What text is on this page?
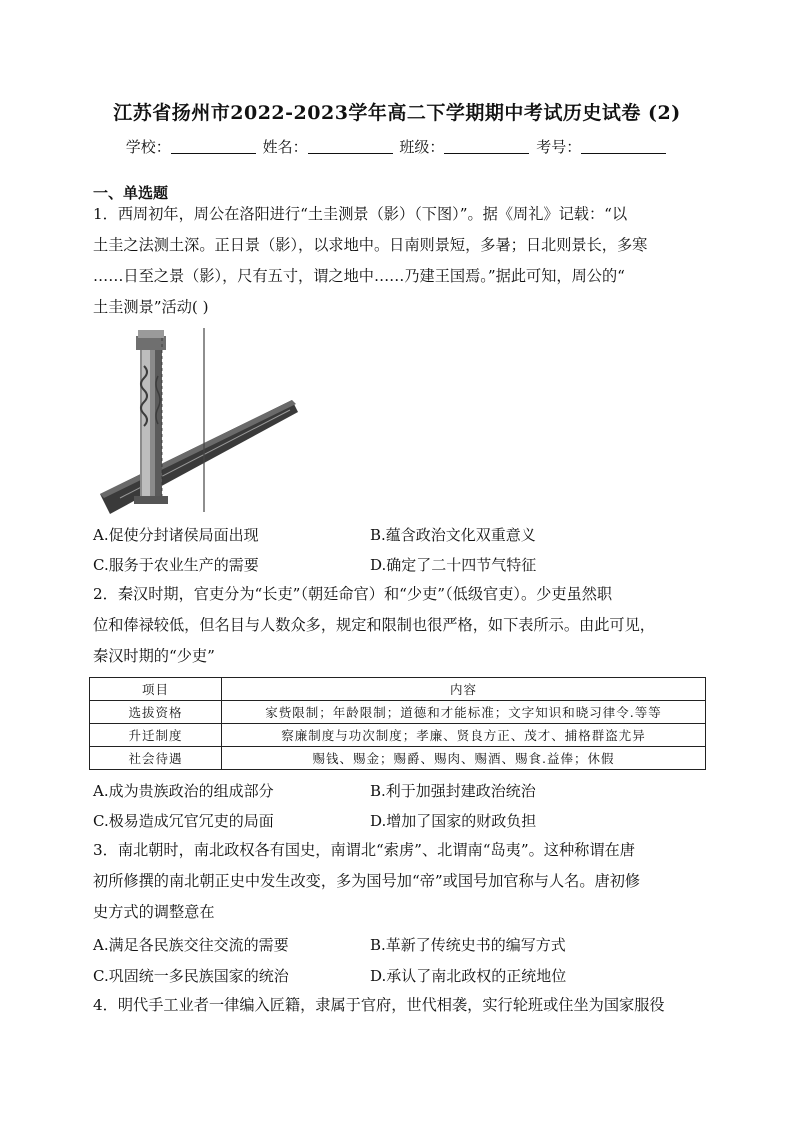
江苏省扬州市2022-2023学年高二下学期期中考试历史试卷 (2)
学校：	姓名：	班级：	考号：
一、单选题
1．西周初年，周公在洛阳进行“土圭测景（影）（下图）”。据《周礼》记载：“以
土圭之法测土深。正日景（影），以求地中。日南则景短，多暑；日北则景长，多寒
……日至之景（影），尺有五寸，谓之地中……乃建王国焉。”据此可知，周公的“
土圭测景”活动( )
A.促使分封诸侯局面出现	B.蕴含政治文化双重意义
C.服务于农业生产的需要	D.确定了二十四节气特征
2．秦汉时期，官吏分为“长吏”（朝廷命官）和“少吏”（低级官吏）。少吏虽然职
位和俸禄较低，但名目与人数众多，规定和限制也很严格，如下表所示。由此可见，
秦汉时期的“少吏”
项目	内容
选拔资格	家赀限制；年龄限制；道德和才能标准；文字知识和晓习律令.等等
升迁制度	察廉制度与功次制度；孝廉、贤良方正、茂才、捕格群盗尤异
社会待遇	赐钱、赐金；赐爵、赐肉、赐酒、赐食.益俸；休假
A.成为贵族政治的组成部分	B.利于加强封建政治统治
C.极易造成冗官冗吏的局面	D.增加了国家的财政负担
3．南北朝时，南北政权各有国史，南谓北“索虏”、北谓南“岛夷”。这种称谓在唐
初所修撰的南北朝正史中发生改变，多为国号加“帝”或国号加官称与人名。唐初修
史方式的调整意在
A.满足各民族交往交流的需要	B.革新了传统史书的编写方式
C.巩固统一多民族国家的统治	D.承认了南北政权的正统地位
4．明代手工业者一律编入匠籍，隶属于官府，世代相袭，实行轮班或住坐为国家服役
